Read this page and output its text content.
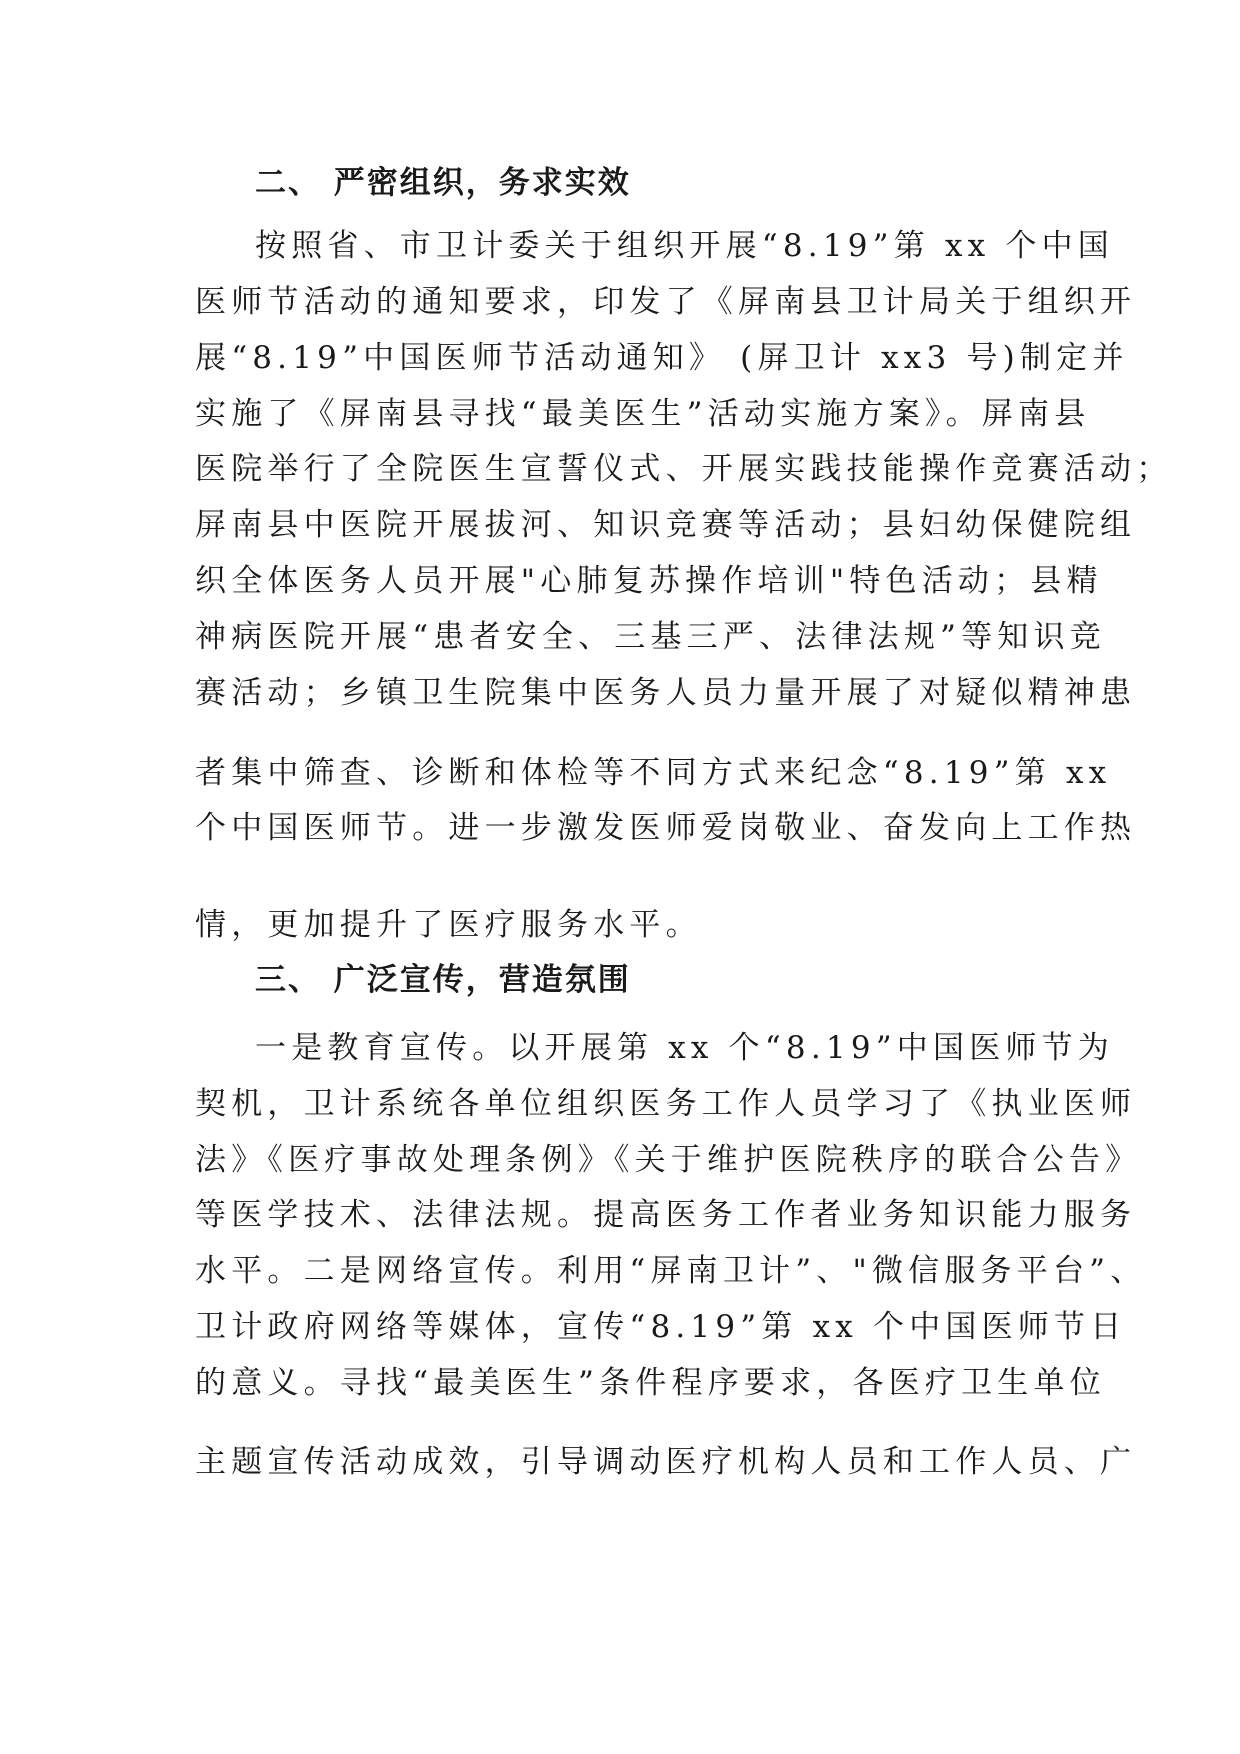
二、 严密组织，务求实效
按照省、市卫计委关于组织开展“8.19”第 xx 个中国
医师节活动的通知要求，印发了《屏南县卫计局关于组织开
展“8.19”中国医师节活动通知》 (屏卫计 xx3 号)制定并
实施了《屏南县寻找“最美医生”活动实施方案》。屏南县
医院举行了全院医生宣誓仪式、开展实践技能操作竞赛活动；
屏南县中医院开展拔河、知识竞赛等活动；县妇幼保健院组
织全体医务人员开展"心肺复苏操作培训"特色活动；县精
神病医院开展“患者安全、三基三严、法律法规”等知识竞
赛活动；乡镇卫生院集中医务人员力量开展了对疑似精神患
者集中筛查、诊断和体检等不同方式来纪念“8.19”第 xx
个中国医师节。进一步激发医师爱岗敬业、奋发向上工作热
情，更加提升了医疗服务水平。
三、 广泛宣传，营造氛围
一是教育宣传。以开展第 xx 个“8.19”中国医师节为
契机，卫计系统各单位组织医务工作人员学习了《执业医师
法》《医疗事故处理条例》《关于维护医院秩序的联合公告》
等医学技术、法律法规。提高医务工作者业务知识能力服务
水平。二是网络宣传。利用“屏南卫计”、"微信服务平台”、
卫计政府网络等媒体，宣传“8.19”第 xx 个中国医师节日
的意义。寻找“最美医生”条件程序要求，各医疗卫生单位
主题宣传活动成效，引导调动医疗机构人员和工作人员、广
